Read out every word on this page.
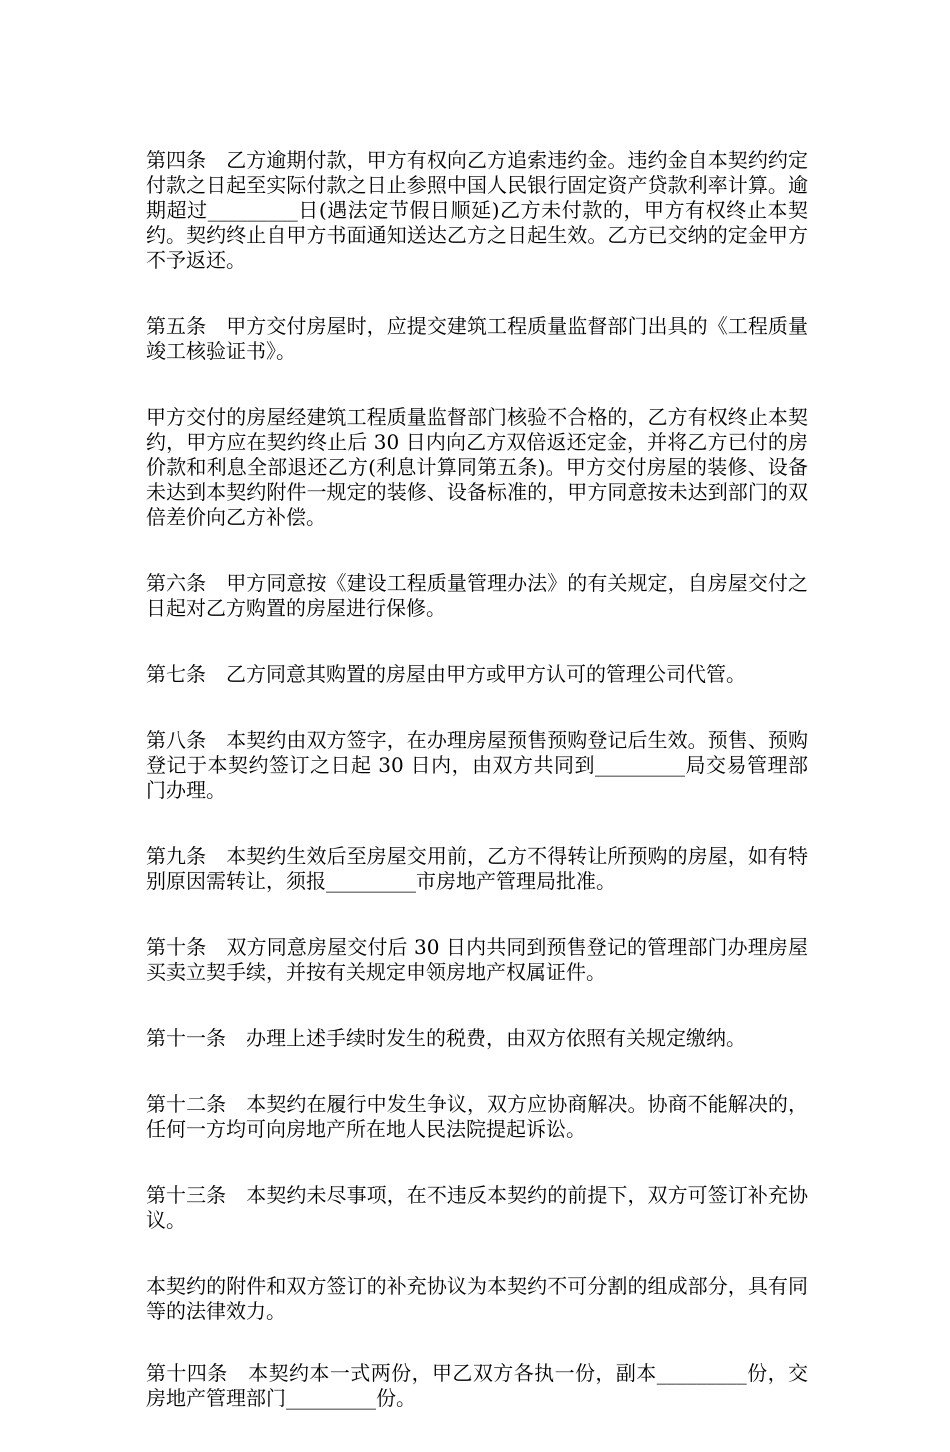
第四条　乙方逾期付款，甲方有权向乙方追索违约金。违约金自本契约约定付款之日起至实际付款之日止参照中国人民银行固定资产贷款利率计算。逾期超过_________日(遇法定节假日顺延)乙方未付款的，甲方有权终止本契约。契约终止自甲方书面通知送达乙方之日起生效。乙方已交纳的定金甲方不予返还。

第五条　甲方交付房屋时，应提交建筑工程质量监督部门出具的《工程质量竣工核验证书》。

甲方交付的房屋经建筑工程质量监督部门核验不合格的，乙方有权终止本契约，甲方应在契约终止后 30 日内向乙方双倍返还定金，并将乙方已付的房价款和利息全部退还乙方(利息计算同第五条)。甲方交付房屋的装修、设备未达到本契约附件一规定的装修、设备标准的，甲方同意按未达到部门的双倍差价向乙方补偿。

第六条　甲方同意按《建设工程质量管理办法》的有关规定，自房屋交付之日起对乙方购置的房屋进行保修。

第七条　乙方同意其购置的房屋由甲方或甲方认可的管理公司代管。

第八条　本契约由双方签字，在办理房屋预售预购登记后生效。预售、预购登记于本契约签订之日起 30 日内，由双方共同到_________局交易管理部门办理。

第九条　本契约生效后至房屋交用前，乙方不得转让所预购的房屋，如有特别原因需转让，须报_________市房地产管理局批准。

第十条　双方同意房屋交付后 30 日内共同到预售登记的管理部门办理房屋买卖立契手续，并按有关规定申领房地产权属证件。

第十一条　办理上述手续时发生的税费，由双方依照有关规定缴纳。

第十二条　本契约在履行中发生争议，双方应协商解决。协商不能解决的，任何一方均可向房地产所在地人民法院提起诉讼。

第十三条　本契约未尽事项，在不违反本契约的前提下，双方可签订补充协议。

本契约的附件和双方签订的补充协议为本契约不可分割的组成部分，具有同等的法律效力。

第十四条　本契约本一式两份，甲乙双方各执一份，副本_________份，交房地产管理部门_________份。
